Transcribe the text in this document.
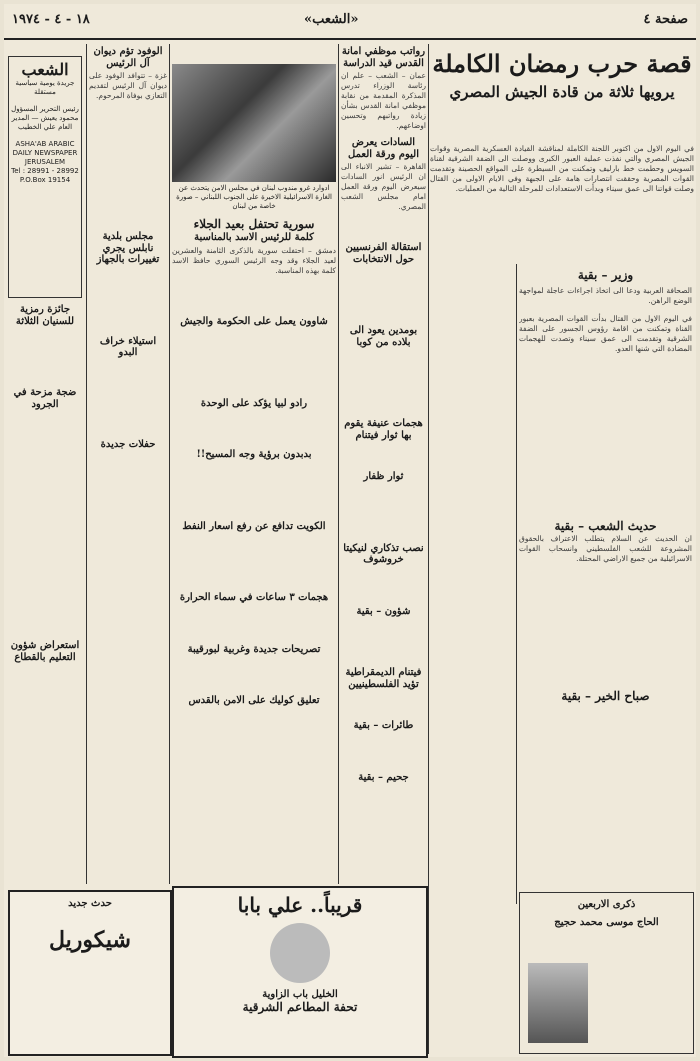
صفحة ٤
«الشعب»
١٨ - ٤ - ١٩٧٤
قصة حرب رمضان الكاملة
يرويها ثلاثة من قادة الجيش المصري
في اليوم الاول من اكتوبر اللجنة الكاملة لمناقشة القيادة العسكرية المصرية وقوات الجيش المصري والتي نفذت عملية العبور الكبرى ووصلت الى الضفة الشرقية لقناة السويس وحطمت خط بارليف وتمكنت من السيطرة على المواقع الحصينة وتقدمت القوات المصرية وحققت انتصارات هامة على الجبهة وفي الايام الاولى من القتال وصلت قواتنا الى عمق سيناء وبدأت الاستعدادات للمرحلة التالية من العمليات.
وزير – بقية
الصحافة العربية ودعا الى اتخاذ اجراءات عاجلة لمواجهة الوضع الراهن.
في اليوم الاول من القتال بدأت القوات المصرية بعبور القناة وتمكنت من اقامة رؤوس الجسور على الضفة الشرقية وتقدمت الى عمق سيناء وتصدت للهجمات المضادة التي شنها العدو.
حديث الشعب – بقية
ان الحديث عن السلام يتطلب الاعتراف بالحقوق المشروعة للشعب الفلسطيني وانسحاب القوات الاسرائيلية من جميع الاراضي المحتلة.
صباح الخير – بقية
رواتب موظفي امانة القدس قيد الدراسة
عمان – الشعب – علم ان رئاسة الوزراء تدرس المذكرة المقدمة من نقابة موظفي امانة القدس بشأن زيادة رواتبهم وتحسين اوضاعهم.
السادات يعرض اليوم ورقة العمل
القاهرة – تشير الانباء الى ان الرئيس انور السادات سيعرض اليوم ورقة العمل امام مجلس الشعب المصري.
استقالة الفرنسيين حول الانتخابات
بومدين يعود الى بلاده من كوبا
هجمات عنيفة يقوم بها ثوار فيتنام
ثوار ظفار
نصب تذكاري لنيكيتا خروشوف
شؤون – بقية
فيتنام الديمقراطية تؤيد الفلسطينيين
طائرات – بقية
جحيم – بقية
ادوارد غرو مندوب لبنان في مجلس الامن يتحدث عن الغارة الاسرائيلية الاخيرة على الجنوب اللبناني – صورة خاصة من لبنان
سورية تحتفل بعيد الجلاء
كلمة للرئيس الاسد بالمناسبة
دمشق – احتفلت سورية بالذكرى الثامنة والعشرين لعيد الجلاء وقد وجه الرئيس السوري حافظ الاسد كلمة بهذه المناسبة.
شاوون يعمل على الحكومة والجيش
رادو لبيا يؤكد على الوحدة
بدبدون برؤية وجه المسيح!!
الكويت تدافع عن رفع اسعار النفط
هجمات ٣ ساعات في سماء الحرارة
تصريحات جديدة وغربية لبورقيبة
تعليق كوليك على الامن بالقدس
الوفود تؤم ديوان آل الرئيس
غزة – تتوافد الوفود على ديوان آل الرئيس لتقديم التعازي بوفاة المرحوم.
مجلس بلدية نابلس يجري تغييرات بالجهاز
استيلاء خراف البدو
حفلات جديدة
الشعب
جريدة يومية سياسية مستقلة
رئيس التحرير المسؤول محمود يعيش — المدير العام علي الخطيب
ASHA'AB ARABIC DAILY NEWSPAPER JERUSALEM
Tel : 28991 - 28992
P.O.Box 19154
جائزة رمزية للسنيان الثلاثة
ضجة مزحة في الجرود
استعراض شؤون التعليم بالقطاع
قريباً.. علي بابا
الخليل باب الزاوية
تحفة المطاعم الشرقية
حدث جديد
شيكوريل
ذكرى الاربعين
الحاج موسى محمد حجيج
